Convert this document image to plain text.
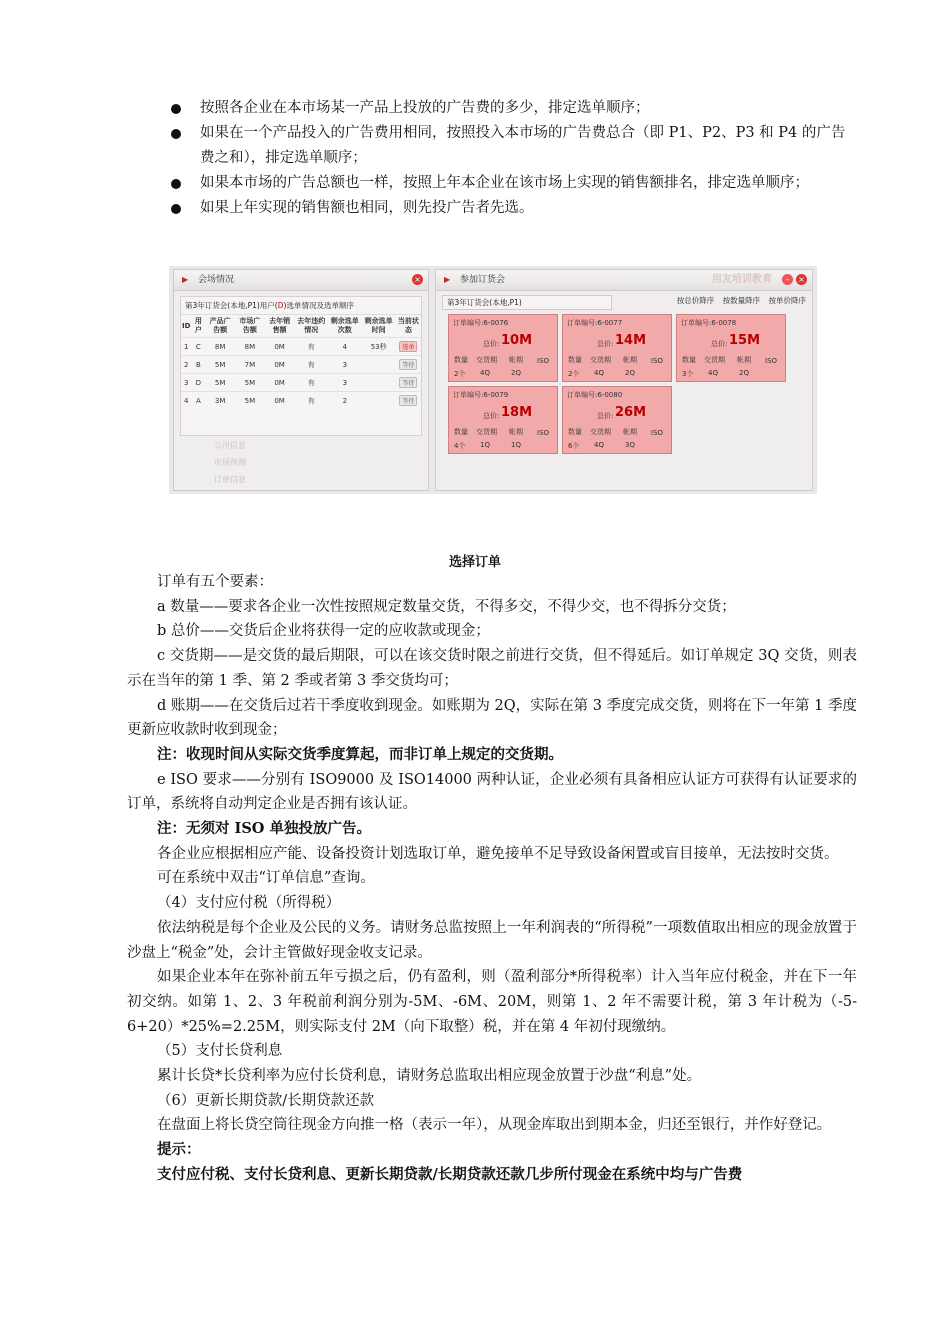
按照各企业在本市场某一产品上投放的广告费的多少，排定选单顺序；
如果在一个产品投入的广告费用相同，按照投入本市场的广告费总合（即 P1、P2、P3 和 P4 的广告费之和），排定选单顺序；
如果本市场的广告总额也一样，按照上年本企业在该市场上实现的销售额排名，排定选单顺序；
如果上年实现的销售额也相同，则先投广告者先选。
▶ 会场情况	×
第3年订货会(本地,P1)用户(D)选单情况及选单顺序
ID	用户	产品广告额	市场广告额	去年销售额	去年违约情况	剩余选单次数	剩余选单时间	当前状态
1	C	8M	8M	0M	有	4	53秒	选单
2	B	5M	7M	0M	有	3		等待
3	D	5M	5M	0M	有	3		等待
4	A	3M	5M	0M	有	2		等待
公司信息
市场预测
订单信息
▶ 参加订货会	用友培训教育	–	×
第3年订货会(本地,P1)	按总价降序 按数量降序 按单价降序
订单编号:6-0076
总价: 10M
数量 交货期 帐期 ISO
2个 4Q	2Q
订单编号:6-0077
总价: 14M
数量 交货期 帐期 ISO
2个 4Q	2Q
订单编号:6-0078
总价: 15M
数量 交货期 帐期 ISO
3个 4Q	2Q
订单编号:6-0079
总价: 18M
数量 交货期 帐期 ISO
4个 1Q	1Q
订单编号:6-0080
总价: 26M
数量 交货期 帐期 ISO
6个 4Q	3Q
选择订单

订单有五个要素：

a 数量——要求各企业一次性按照规定数量交货，不得多交，不得少交，也不得拆分交货；

b 总价——交货后企业将获得一定的应收款或现金；

c 交货期——是交货的最后期限，可以在该交货时限之前进行交货，但不得延后。如订单规定 3Q 交货，则表示在当年的第 1 季、第 2 季或者第 3 季交货均可；

d 账期——在交货后过若干季度收到现金。如账期为 2Q，实际在第 3 季度完成交货，则将在下一年第 1 季度更新应收款时收到现金；

注：收现时间从实际交货季度算起，而非订单上规定的交货期。

e ISO 要求——分别有 ISO9000 及 ISO14000 两种认证，企业必须有具备相应认证方可获得有认证要求的订单，系统将自动判定企业是否拥有该认证。

注：无须对 ISO 单独投放广告。

各企业应根据相应产能、设备投资计划选取订单，避免接单不足导致设备闲置或盲目接单，无法按时交货。

可在系统中双击“订单信息”查询。

（4）支付应付税（所得税）

依法纳税是每个企业及公民的义务。请财务总监按照上一年利润表的“所得税”一项数值取出相应的现金放置于沙盘上“税金”处，会计主管做好现金收支记录。

如果企业本年在弥补前五年亏损之后，仍有盈利，则（盈利部分*所得税率）计入当年应付税金，并在下一年初交纳。如第 1、2、3 年税前利润分别为-5M、-6M、20M，则第 1、2 年不需要计税，第 3 年计税为（-5-6+20）*25%=2.25M，则实际支付 2M（向下取整）税，并在第 4 年初付现缴纳。

（5）支付长贷利息

累计长贷*长贷利率为应付长贷利息，请财务总监取出相应现金放置于沙盘“利息”处。

（6）更新长期贷款/长期贷款还款

在盘面上将长贷空筒往现金方向推一格（表示一年），从现金库取出到期本金，归还至银行，并作好登记。

提示：

支付应付税、支付长贷利息、更新长期贷款/长期贷款还款几步所付现金在系统中均与广告费
